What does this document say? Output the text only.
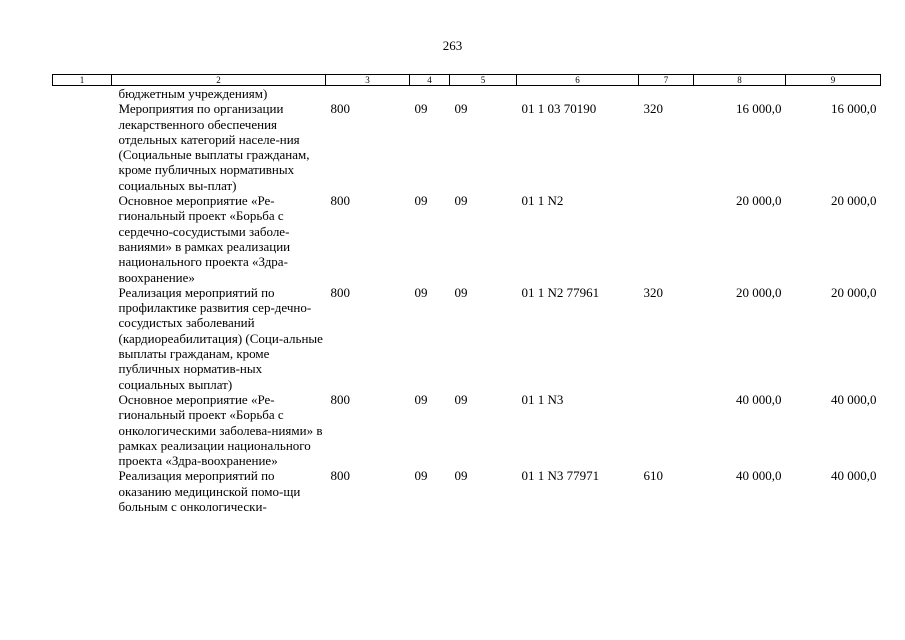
263
1	2	3	4	5	6	7	8	9
	бюджетным учреждениям)							
	Мероприятия по организации лекарственного обеспечения отдельных категорий населе-ния (Социальные выплаты гражданам, кроме публичных нормативных социальных вы-плат)	800	09	09	01 1 03 70190	320	16 000,0	16 000,0
	Основное мероприятие «Ре-гиональный проект «Борьба с сердечно-сосудистыми заболе-ваниями» в рамках реализации национального проекта «Здра-воохранение»	800	09	09	01 1 N2		20 000,0	20 000,0
	Реализация мероприятий по профилактике развития сер-дечно-сосудистых заболеваний (кардиореабилитация) (Соци-альные выплаты гражданам, кроме публичных норматив-ных социальных выплат)	800	09	09	01 1 N2 77961	320	20 000,0	20 000,0
	Основное мероприятие «Ре-гиональный проект «Борьба с онкологическими заболева-ниями» в рамках реализации национального проекта «Здра-воохранение»	800	09	09	01 1 N3		40 000,0	40 000,0
	Реализация мероприятий по оказанию медицинской помо-щи больным с онкологически-	800	09	09	01 1 N3 77971	610	40 000,0	40 000,0
